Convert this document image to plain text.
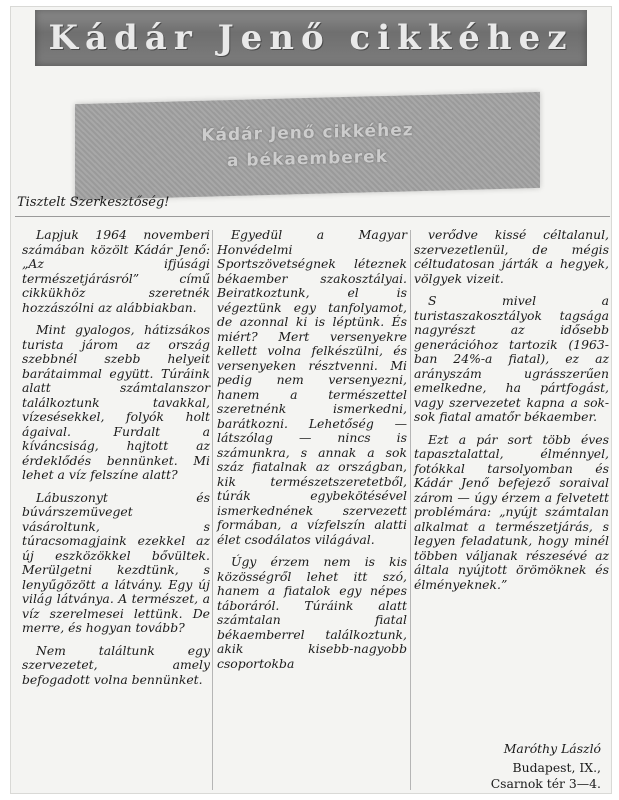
Kádár Jenő cikkéhez
Kádár Jenő cikkéhez
a békaemberek
Tisztelt Szerkesztőség!

Lapjuk 1964 novemberi számában közölt Kádár Jenő: „Az ifjúsági természetjárásról” című cikkükhöz szeretnék hozzászólni az alábbiakban.

Mint gyalogos, hátizsákos turista járom az ország szebbnél szebb helyeit barátaimmal együtt. Túráink alatt számtalanszor találkoztunk tavakkal, vízesésekkel, folyók holt ágaival. Furdalt a kíváncsiság, hajtott az érdeklődés bennünket. Mi lehet a víz felszíne alatt?

Lábuszonyt és búvárszemüveget vásároltunk, s túracsomagjaink ezekkel az új eszközökkel bővültek. Merülgetni kezdtünk, s lenyűgözött a látvány. Egy új világ látványa. A természet, a víz szerelmesei lettünk. De merre, és hogyan tovább?

Nem találtunk egy szervezetet, amely befogadott volna bennünket.

Egyedül a Magyar Honvédelmi Sportszövetségnek léteznek békaember szakosztályai. Beiratkoztunk, el is végeztünk egy tanfolyamot, de azonnal ki is léptünk. És miért? Mert versenyekre kellett volna felkészülni, és versenyeken résztvenni. Mi pedig nem versenyezni, hanem a természettel szeretnénk ismerkedni, barátkozni. Lehetőség — látszólag — nincs is számunkra, s annak a sok száz fiatalnak az országban, kik természetszeretetből, túrák egybekötésével ismerkednének szervezett formában, a vízfelszín alatti élet csodálatos világával.

Úgy érzem nem is kis közösségről lehet itt szó, hanem a fiatalok egy népes táboráról. Túráink alatt számtalan fiatal békaemberrel találkoztunk, akik kisebb-nagyobb csoportokba

verődve kissé céltalanul, szervezetlenül, de mégis céltudatosan járták a hegyek, völgyek vizeit.

S mivel a turistaszakosztályok tagsága nagyrészt az idősebb generációhoz tartozik (1963-ban 24%-a fiatal), ez az arányszám ugrásszerűen emelkedne, ha pártfogást, vagy szervezetet kapna a sok-sok fiatal amatőr békaember.

Ezt a pár sort több éves tapasztalattal, élménnyel, fotókkal tarsolyomban és Kádár Jenő befejező soraival zárom — úgy érzem a felvetett problémára: „nyújt számtalan alkalmat a természetjárás, s legyen feladatunk, hogy minél többen váljanak részesévé az általa nyújtott örömöknek és élményeknek.”

Maróthy László
Budapest, IX.,
Csarnok tér 3—4.
